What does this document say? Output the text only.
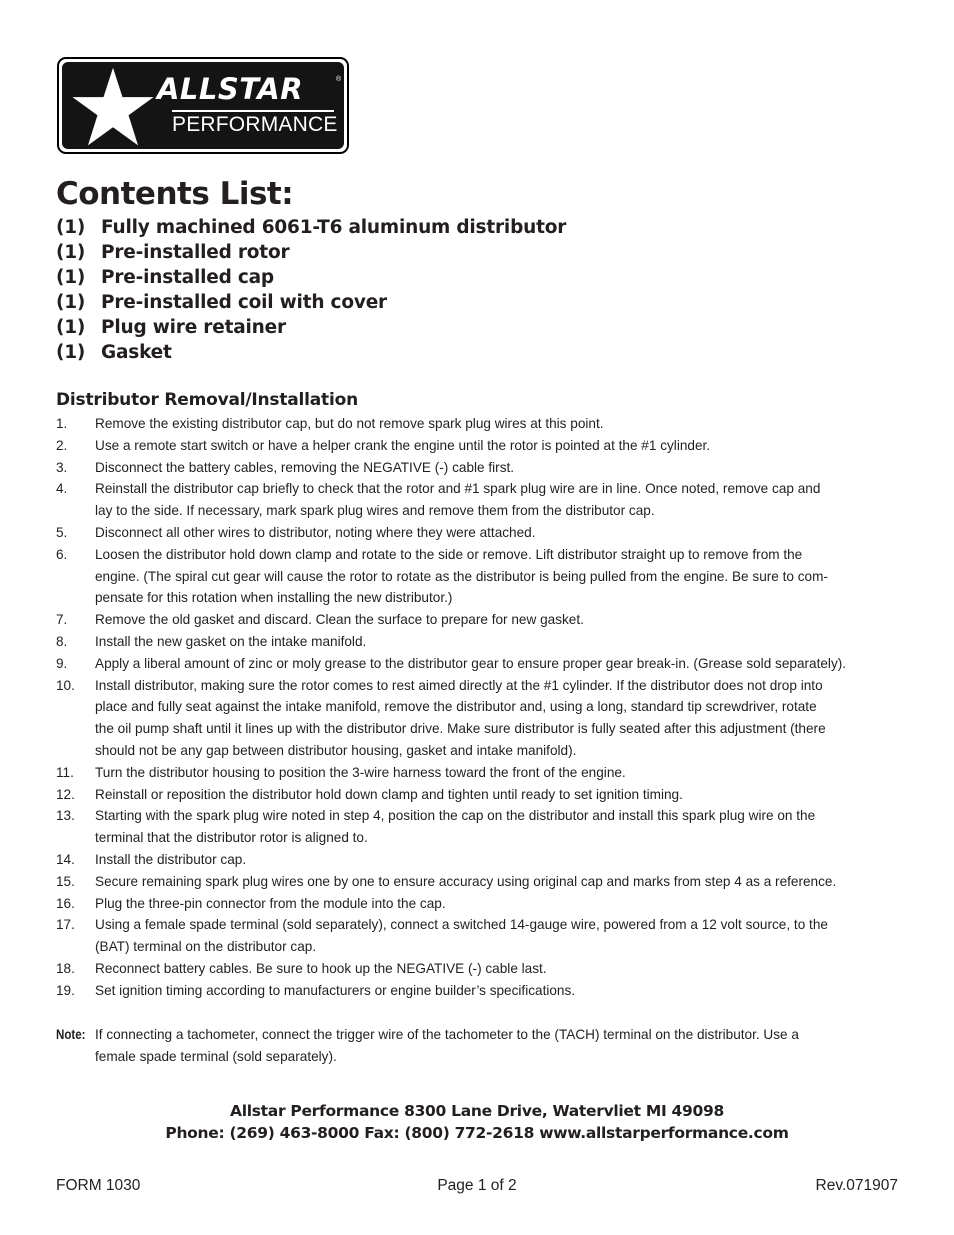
ALLSTAR	®
PERFORMANCE
Contents List:
(1) Fully machined 6061-T6 aluminum distributor
(1) Pre-installed rotor
(1) Pre-installed cap
(1) Pre-installed coil with cover
(1) Plug wire retainer
(1) Gasket
Distributor Removal/Installation
1. Remove the existing distributor cap, but do not remove spark plug wires at this point.
2. Use a remote start switch or have a helper crank the engine until the rotor is pointed at the #1 cylinder.
3. Disconnect the battery cables, removing the NEGATIVE (-) cable first.
4. Reinstall the distributor cap briefly to check that the rotor and #1 spark plug wire are in line. Once noted, remove cap and
lay to the side. If necessary, mark spark plug wires and remove them from the distributor cap.
5. Disconnect all other wires to distributor, noting where they were attached.
6. Loosen the distributor hold down clamp and rotate to the side or remove. Lift distributor straight up to remove from the
engine. (The spiral cut gear will cause the rotor to rotate as the distributor is being pulled from the engine. Be sure to com-
pensate for this rotation when installing the new distributor.)
7. Remove the old gasket and discard. Clean the surface to prepare for new gasket.
8. Install the new gasket on the intake manifold.
9. Apply a liberal amount of zinc or moly grease to the distributor gear to ensure proper gear break-in. (Grease sold separately).
10. Install distributor, making sure the rotor comes to rest aimed directly at the #1 cylinder. If the distributor does not drop into
place and fully seat against the intake manifold, remove the distributor and, using a long, standard tip screwdriver, rotate
the oil pump shaft until it lines up with the distributor drive. Make sure distributor is fully seated after this adjustment (there
should not be any gap between distributor housing, gasket and intake manifold).
11. Turn the distributor housing to position the 3-wire harness toward the front of the engine.
12. Reinstall or reposition the distributor hold down clamp and tighten until ready to set ignition timing.
13. Starting with the spark plug wire noted in step 4, position the cap on the distributor and install this spark plug wire on the
terminal that the distributor rotor is aligned to.
14. Install the distributor cap.
15. Secure remaining spark plug wires one by one to ensure accuracy using original cap and marks from step 4 as a reference.
16. Plug the three-pin connector from the module into the cap.
17. Using a female spade terminal (sold separately), connect a switched 14-gauge wire, powered from a 12 volt source, to the
(BAT) terminal on the distributor cap.
18. Reconnect battery cables. Be sure to hook up the NEGATIVE (-) cable last.
19. Set ignition timing according to manufacturers or engine builder’s specifications.
Note: If connecting a tachometer, connect the trigger wire of the tachometer to the (TACH) terminal on the distributor. Use a
female spade terminal (sold separately).
Allstar Performance 8300 Lane Drive, Watervliet MI 49098
Phone: (269) 463-8000 Fax: (800) 772-2618 www.allstarperformance.com
FORM 1030	Page 1 of 2	Rev.071907
